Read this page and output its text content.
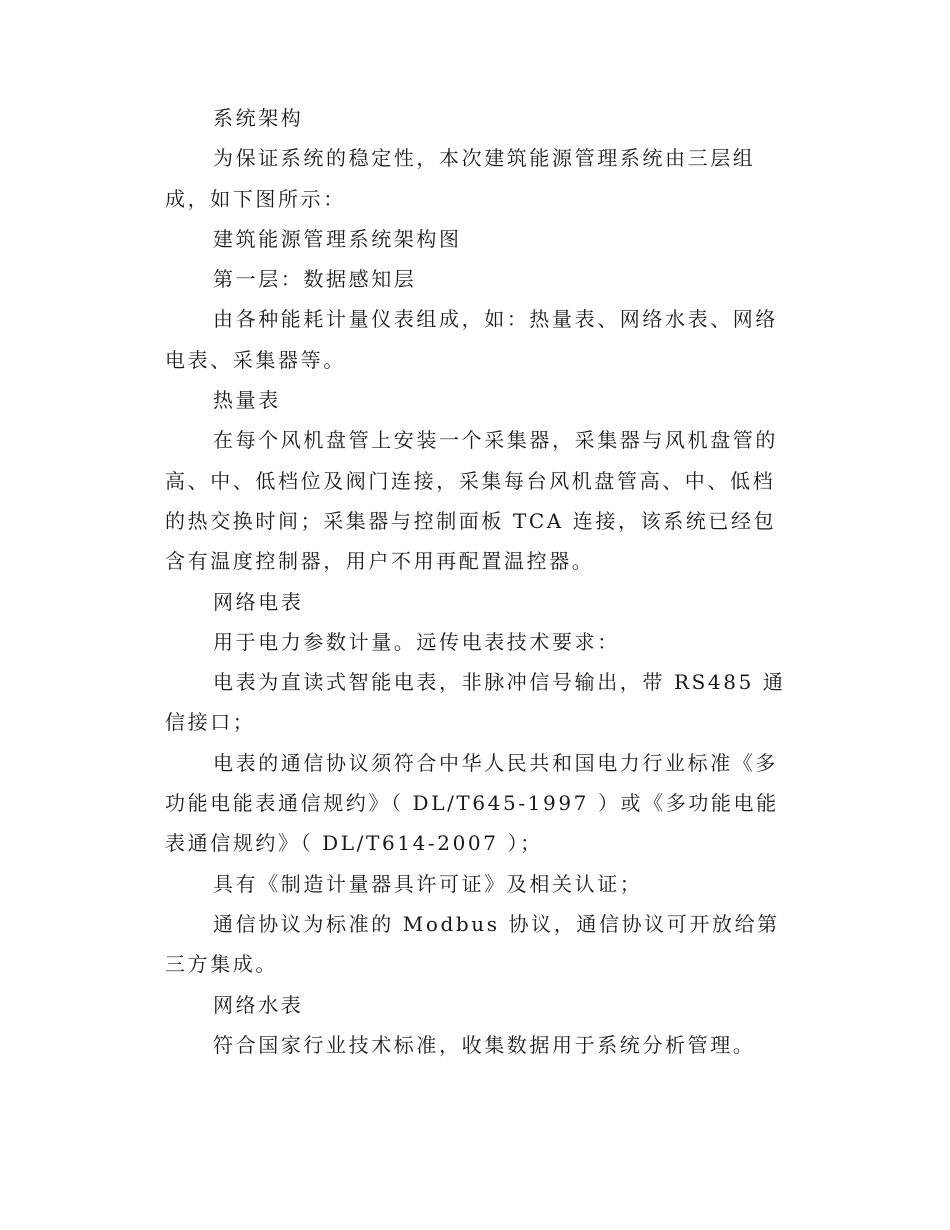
系统架构

为保证系统的稳定性，本次建筑能源管理系统由三层组成，如下图所示：

建筑能源管理系统架构图

第一层：数据感知层

由各种能耗计量仪表组成，如：热量表、网络水表、网络电表、采集器等。

热量表

在每个风机盘管上安装一个采集器，采集器与风机盘管的高、中、低档位及阀门连接，采集每台风机盘管高、中、低档的热交换时间；采集器与控制面板 TCA 连接，该系统已经包含有温度控制器，用户不用再配置温控器。

网络电表

用于电力参数计量。远传电表技术要求：

电表为直读式智能电表，非脉冲信号输出，带 RS485 通信接口；

电表的通信协议须符合中华人民共和国电力行业标准《多功能电能表通信规约》（ DL/T645-1997 ）或《多功能电能表通信规约》（ DL/T614-2007 ）；

具有《制造计量器具许可证》及相关认证；

通信协议为标准的 Modbus 协议，通信协议可开放给第三方集成。

网络水表

符合国家行业技术标准，收集数据用于系统分析管理。
